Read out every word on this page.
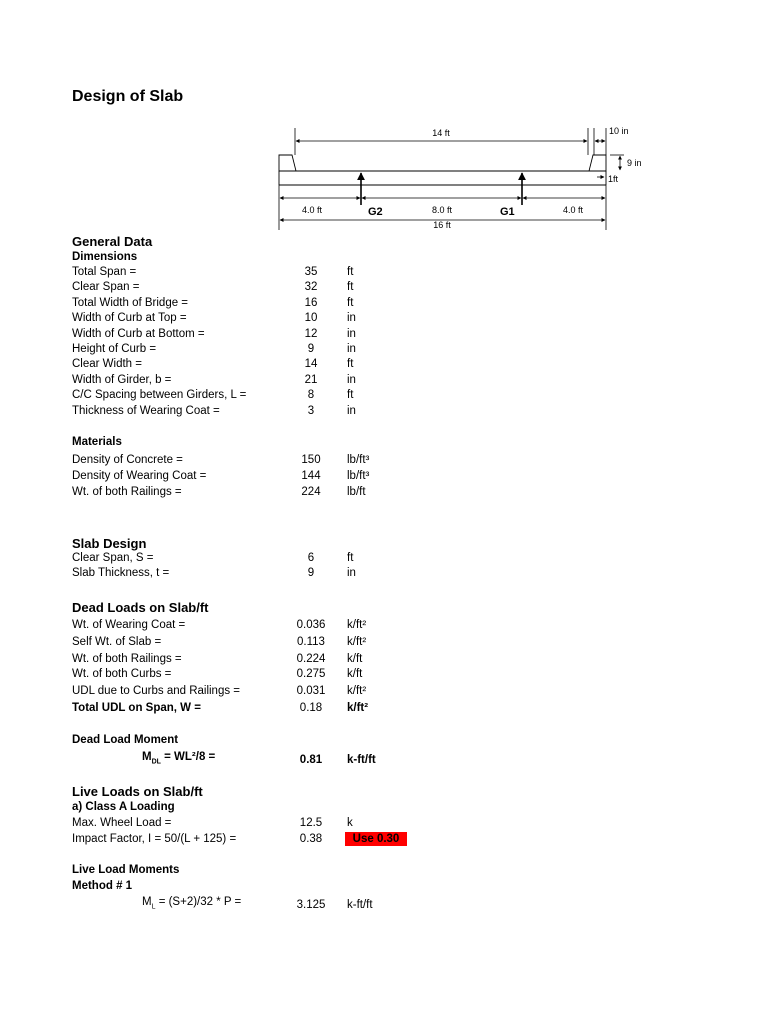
Design of Slab
14 ft	10 in
9 in
1ft
4.0 ft	G2	8.0 ft	G1	4.0 ft
16 ft
General Data
Dimensions
Total Span =	35	ft
Clear Span =	32	ft
Total Width of Bridge =	16	ft
Width of Curb at Top =	10	in
Width of Curb at Bottom =	12	in
Height of Curb =	9	in
Clear Width =	14	ft
Width of Girder, b =	21	in
C/C Spacing between Girders, L =	8	ft
Thickness of Wearing Coat =	3	in
Materials
Density of Concrete =	150	lb/ft³
Density of Wearing Coat =	144	lb/ft³
Wt. of both Railings =	224	lb/ft
Slab Design
Clear Span, S =	6	ft
Slab Thickness, t =	9	in
Dead Loads on Slab/ft
Wt. of Wearing Coat =	0.036	k/ft²
Self Wt. of Slab =	0.113	k/ft²
Wt. of both Railings =	0.224	k/ft
Wt. of both Curbs =	0.275	k/ft
UDL due to Curbs and Railings =	0.031	k/ft²
Total UDL on Span, W =	0.18	k/ft²
Dead Load Moment
$M_{DL} = WL^2/8$ =	0.81	k-ft/ft
Live Loads on Slab/ft
a) Class A Loading
Max. Wheel Load =	12.5	k
Impact Factor, I = 50/(L + 125) =	0.38	Use 0.30
Live Load Moments
Method # 1
$M_L = (S+2)/32 * P$ =	3.125	k-ft/ft
